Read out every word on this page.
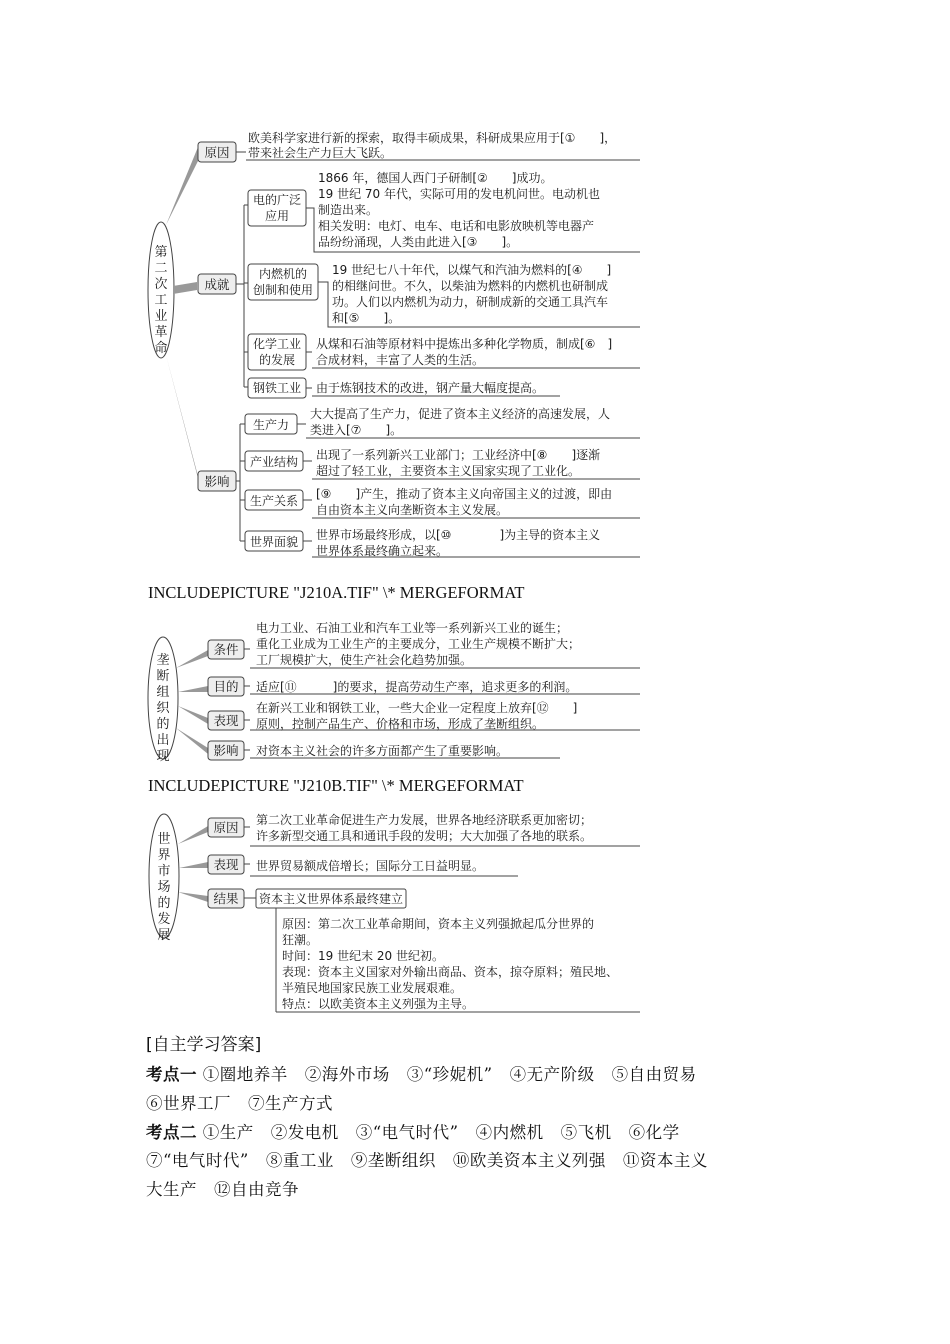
第
二
次
工
业
革
命
原因
成就
影响
欧美科学家进行新的探索，取得丰硕成果，科研成果应用于[①　　]，
带来社会生产力巨大飞跃。
电的广泛
应用
1866 年，德国人西门子研制[②　　]成功。
19 世纪 70 年代，实际可用的发电机问世。电动机也
制造出来。
相关发明：电灯、电车、电话和电影放映机等电器产
品纷纷涌现，人类由此进入[③　　]。
内燃机的
创制和使用
19 世纪七八十年代，以煤气和汽油为燃料的[④　　]
的相继问世。不久，以柴油为燃料的内燃机也研制成
功。人们以内燃机为动力，研制成新的交通工具汽车
和[⑤　　]。
化学工业
的发展
从煤和石油等原材料中提炼出多种化学物质，制成[⑥　]
合成材料，丰富了人类的生活。
钢铁工业 由于炼钢技术的改进，钢产量大幅度提高。
生产力
大大提高了生产力，促进了资本主义经济的高速发展，人
类进入[⑦　　]。
产业结构 出现了一系列新兴工业部门；工业经济中[⑧　　]逐渐
超过了轻工业，主要资本主义国家实现了工业化。
生产关系 [⑨　　]产生，推动了资本主义向帝国主义的过渡，即由
自由资本主义向垄断资本主义发展。
世界面貌 世界市场最终形成，以[⑩　　　　]为主导的资本主义
世界体系最终确立起来。
INCLUDEPICTURE "J210A.TIF" \* MERGEFORMAT
垄
断
组
织
的
出
现
条件
目的
表现
影响
电力工业、石油工业和汽车工业等一系列新兴工业的诞生；
重化工业成为工业生产的主要成分，工业生产规模不断扩大；
工厂规模扩大，使生产社会化趋势加强。
适应[⑪　　　]的要求，提高劳动生产率，追求更多的利润。
在新兴工业和钢铁工业，一些大企业一定程度上放弃[⑫　　]
原则，控制产品生产、价格和市场，形成了垄断组织。
对资本主义社会的许多方面都产生了重要影响。
INCLUDEPICTURE "J210B.TIF" \* MERGEFORMAT
世
界
市
场
的
发
展
原因
表现
结果
第二次工业革命促进生产力发展，世界各地经济联系更加密切；
许多新型交通工具和通讯手段的发明；大大加强了各地的联系。
世界贸易额成倍增长；国际分工日益明显。
资本主义世界体系最终建立
原因：第二次工业革命期间，资本主义列强掀起瓜分世界的
狂潮。
时间：19 世纪末 20 世纪初。
表现：资本主义国家对外输出商品、资本，掠夺原料；殖民地、
半殖民地国家民族工业发展艰难。
特点：以欧美资本主义列强为主导。
[自主学习答案]
考点一 ①圈地养羊　②海外市场　③“珍妮机”　④无产阶级　⑤自由贸易
⑥世界工厂　⑦生产方式
考点二 ①生产　②发电机　③“电气时代”　④内燃机　⑤飞机　⑥化学
⑦“电气时代”　⑧重工业　⑨垄断组织　⑩欧美资本主义列强　⑪资本主义
大生产　⑫自由竞争
